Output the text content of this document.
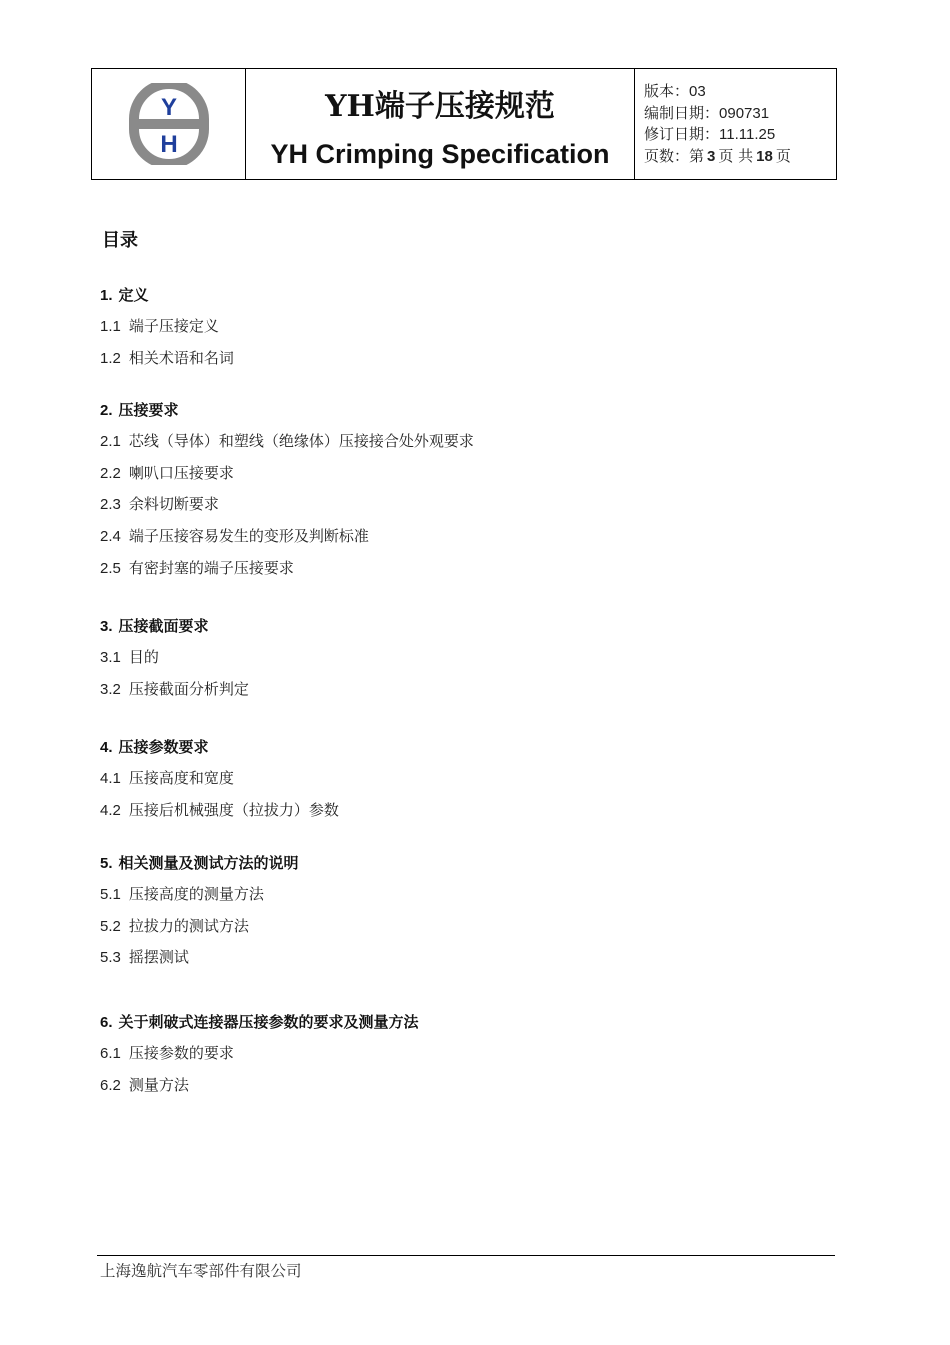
Y
H
YH端子压接规范
YH Crimping Specification
版本：03
编制日期：090731
修订日期：11.11.25
页数：第 3 页 共 18 页
目录
1. 定义
1.1 端子压接定义
1.2 相关术语和名词
2. 压接要求
2.1 芯线（导体）和塑线（绝缘体）压接接合处外观要求
2.2 喇叭口压接要求
2.3 余料切断要求
2.4 端子压接容易发生的变形及判断标准
2.5 有密封塞的端子压接要求
3. 压接截面要求
3.1 目的
3.2 压接截面分析判定
4. 压接参数要求
4.1 压接高度和宽度
4.2 压接后机械强度（拉拔力）参数
5. 相关测量及测试方法的说明
5.1 压接高度的测量方法
5.2 拉拔力的测试方法
5.3 摇摆测试
6. 关于刺破式连接器压接参数的要求及测量方法
6.1 压接参数的要求
6.2 测量方法
上海逸航汽车零部件有限公司
